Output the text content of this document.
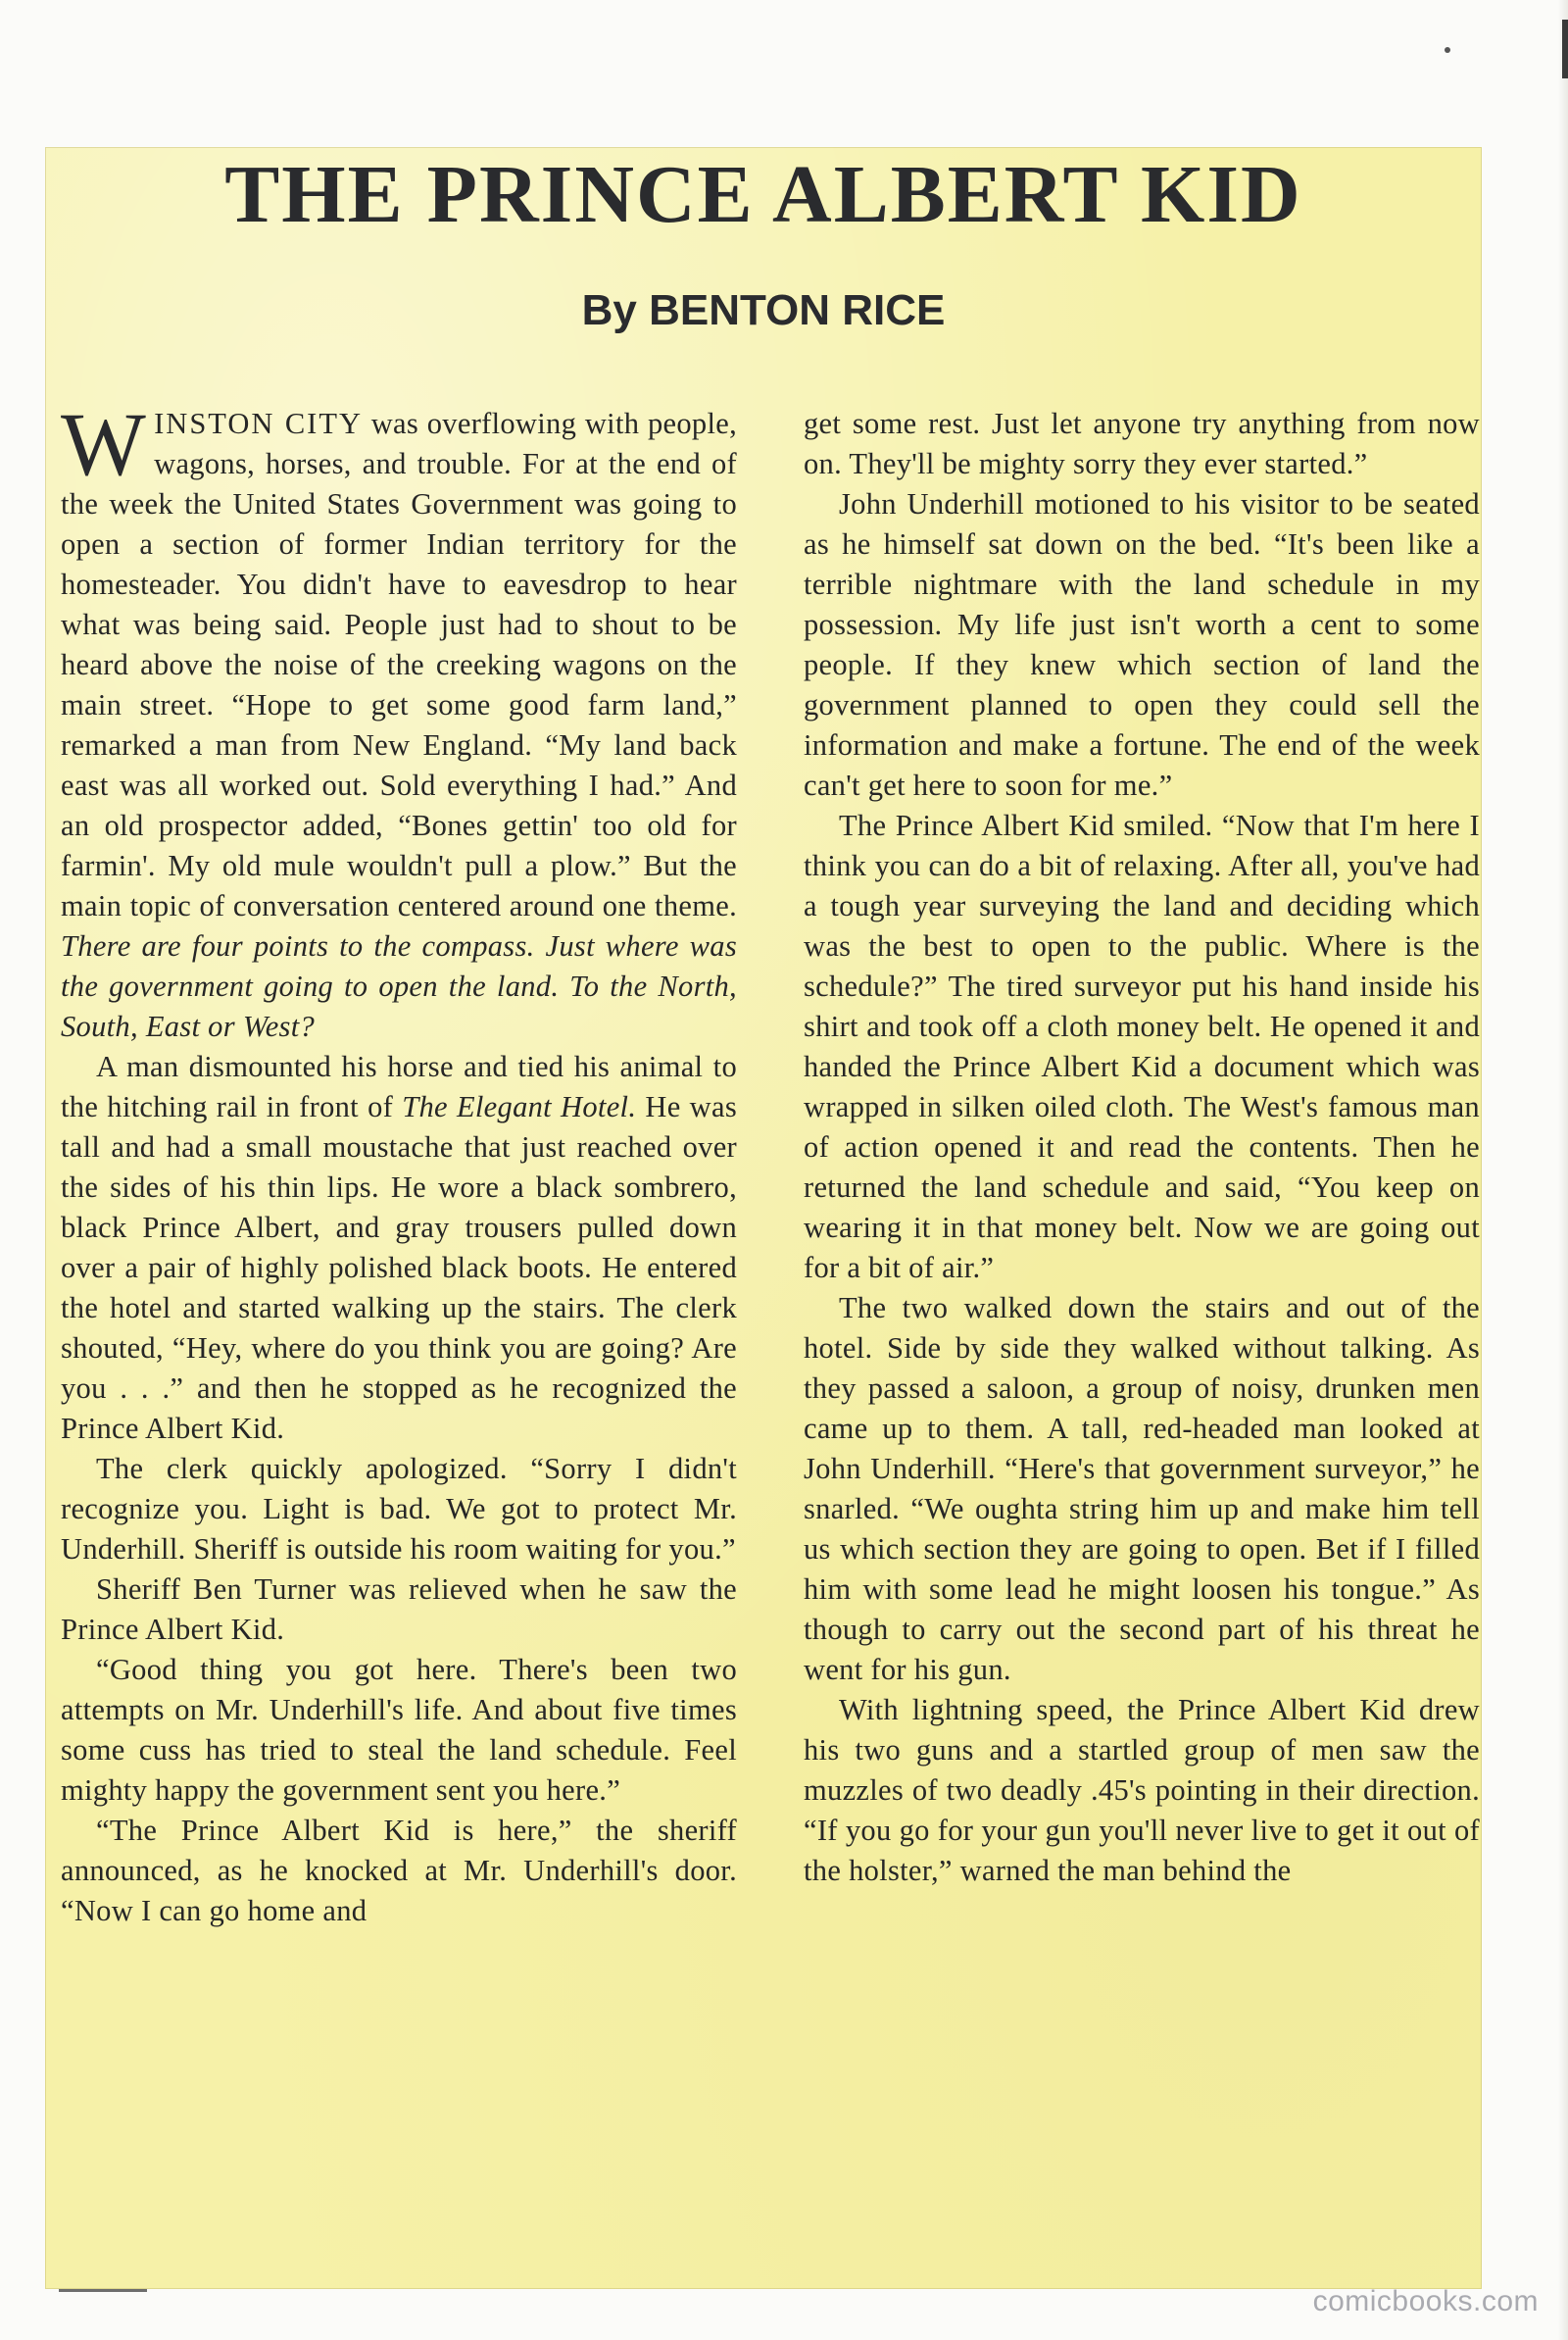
THE PRINCE ALBERT KID
By BENTON RICE

WINSTON CITY was overflowing with people, wagons, horses, and trouble. For at the end of the week the United States Government was going to open a section of former Indian territory for the homesteader. You didn't have to eavesdrop to hear what was being said. People just had to shout to be heard above the noise of the creeking wagons on the main street. “Hope to get some good farm land,” remarked a man from New England. “My land back east was all worked out. Sold everything I had.” And an old prospector added, “Bones gettin' too old for farmin'. My old mule wouldn't pull a plow.” But the main topic of conversation centered around one theme. There are four points to the compass. Just where was the government going to open the land. To the North, South, East or West?

A man dismounted his horse and tied his animal to the hitching rail in front of The Elegant Hotel. He was tall and had a small moustache that just reached over the sides of his thin lips. He wore a black sombrero, black Prince Albert, and gray trousers pulled down over a pair of highly polished black boots. He entered the hotel and started walking up the stairs. The clerk shouted, “Hey, where do you think you are going? Are you . . .” and then he stopped as he recognized the Prince Albert Kid.

The clerk quickly apologized. “Sorry I didn't recognize you. Light is bad. We got to protect Mr. Underhill. Sheriff is outside his room waiting for you.”

Sheriff Ben Turner was relieved when he saw the Prince Albert Kid.

“Good thing you got here. There's been two attempts on Mr. Underhill's life. And about five times some cuss has tried to steal the land schedule. Feel mighty happy the government sent you here.”

“The Prince Albert Kid is here,” the sheriff announced, as he knocked at Mr. Underhill's door. “Now I can go home and

get some rest. Just let anyone try anything from now on. They'll be mighty sorry they ever started.”

John Underhill motioned to his visitor to be seated as he himself sat down on the bed. “It's been like a terrible nightmare with the land schedule in my possession. My life just isn't worth a cent to some people. If they knew which section of land the government planned to open they could sell the information and make a fortune. The end of the week can't get here to soon for me.”

The Prince Albert Kid smiled. “Now that I'm here I think you can do a bit of relaxing. After all, you've had a tough year surveying the land and deciding which was the best to open to the public. Where is the schedule?” The tired surveyor put his hand inside his shirt and took off a cloth money belt. He opened it and handed the Prince Albert Kid a document which was wrapped in silken oiled cloth. The West's famous man of action opened it and read the contents. Then he returned the land schedule and said, “You keep on wearing it in that money belt. Now we are going out for a bit of air.”

The two walked down the stairs and out of the hotel. Side by side they walked without talking. As they passed a saloon, a group of noisy, drunken men came up to them. A tall, red-headed man looked at John Underhill. “Here's that government surveyor,” he snarled. “We oughta string him up and make him tell us which section they are going to open. Bet if I filled him with some lead he might loosen his tongue.” As though to carry out the second part of his threat he went for his gun.

With lightning speed, the Prince Albert Kid drew his two guns and a startled group of men saw the muzzles of two deadly .45's pointing in their direction. “If you go for your gun you'll never live to get it out of the holster,” warned the man behind the

comicbooks.com
